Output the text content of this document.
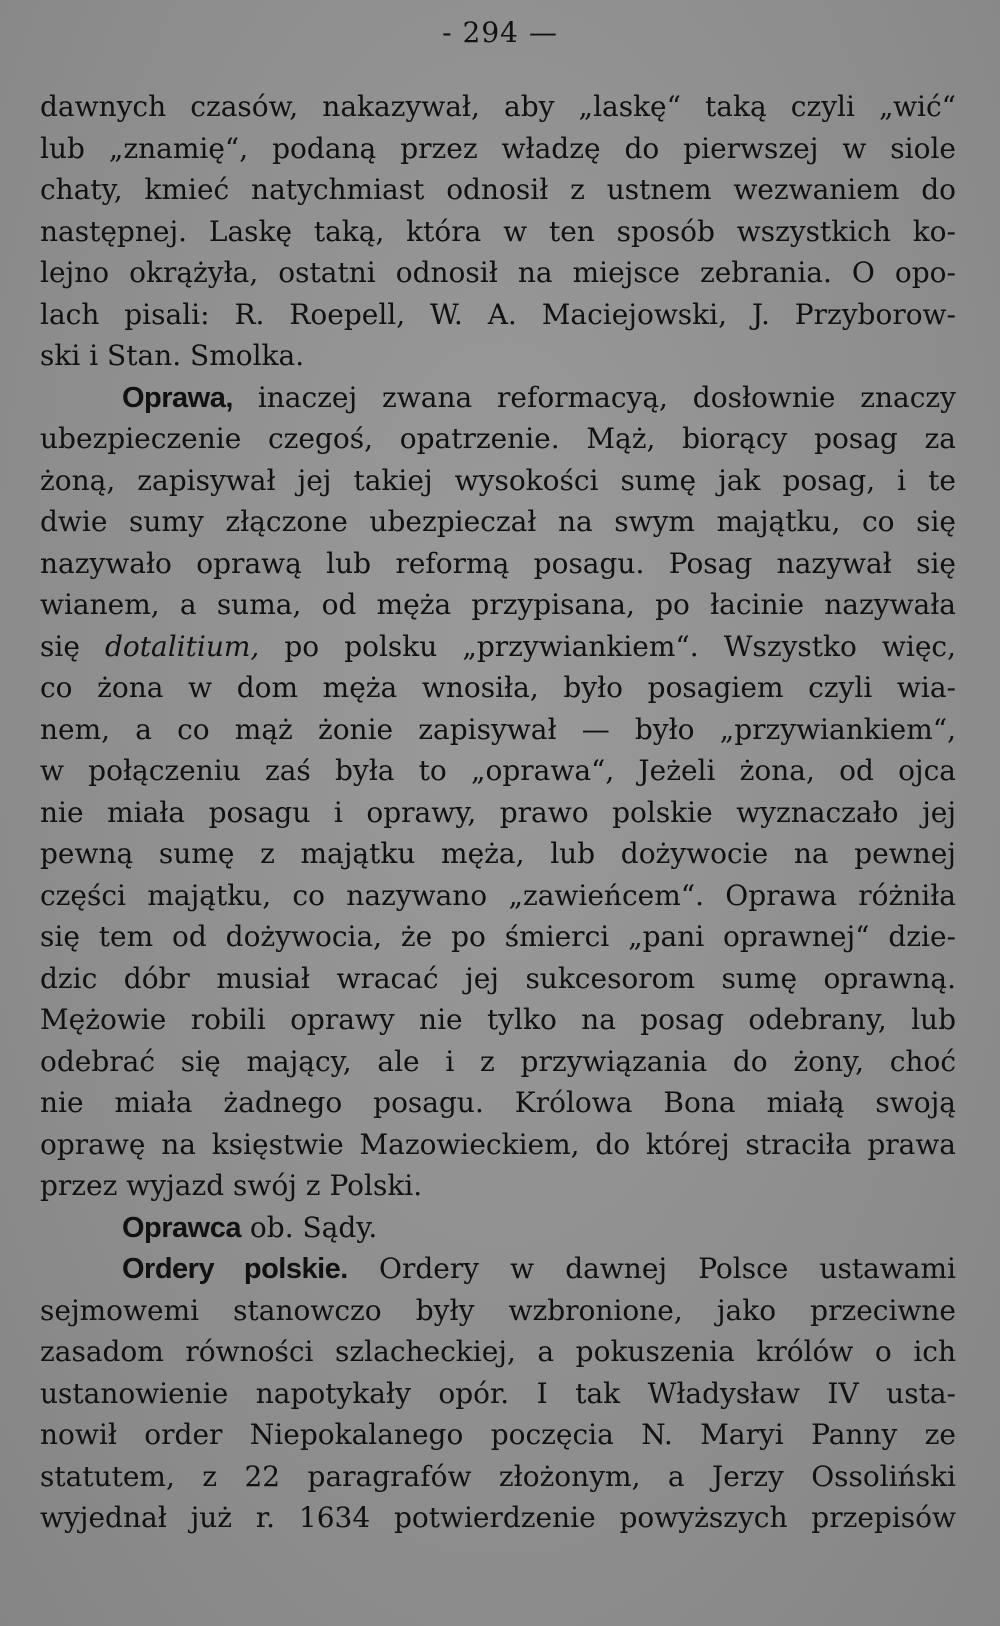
- 294 —
dawnych czasów, nakazywał, aby „laskę“ taką czyli „wić“
lub „znamię“, podaną przez władzę do pierwszej w siole
chaty, kmieć natychmiast odnosił z ustnem wezwaniem do
następnej. Laskę taką, która w ten sposób wszystkich ko-
lejno okrążyła, ostatni odnosił na miejsce zebrania. O opo-
lach pisali: R. Roepell, W. A. Maciejowski, J. Przyborow-
ski i Stan. Smolka.
Oprawa, inaczej zwana reformacyą, dosłownie znaczy
ubezpieczenie czegoś, opatrzenie. Mąż, biorący posag za
żoną, zapisywał jej takiej wysokości sumę jak posag, i te
dwie sumy złączone ubezpieczał na swym majątku, co się
nazywało oprawą lub reformą posagu. Posag nazywał się
wianem, a suma, od męża przypisana, po łacinie nazywała
się dotalitium, po polsku „przywiankiem“. Wszystko więc,
co żona w dom męża wnosiła, było posagiem czyli wia-
nem, a co mąż żonie zapisywał — było „przywiankiem“,
w połączeniu zaś była to „oprawa“, Jeżeli żona, od ojca
nie miała posagu i oprawy, prawo polskie wyznaczało jej
pewną sumę z majątku męża, lub dożywocie na pewnej
części majątku, co nazywano „zawieńcem“. Oprawa różniła
się tem od dożywocia, że po śmierci „pani oprawnej“ dzie-
dzic dóbr musiał wracać jej sukcesorom sumę oprawną.
Mężowie robili oprawy nie tylko na posag odebrany, lub
odebrać się mający, ale i z przywiązania do żony, choć
nie miała żadnego posagu. Królowa Bona miałą swoją
oprawę na księstwie Mazowieckiem, do której straciła prawa
przez wyjazd swój z Polski.
Oprawca ob. Sądy.
Ordery polskie. Ordery w dawnej Polsce ustawami
sejmowemi stanowczo były wzbronione, jako przeciwne
zasadom równości szlacheckiej, a pokuszenia królów o ich
ustanowienie napotykały opór. I tak Władysław IV usta-
nowił order Niepokalanego poczęcia N. Maryi Panny ze
statutem, z 22 paragrafów złożonym, a Jerzy Ossoliński
wyjednał już r. 1634 potwierdzenie powyższych przepisów
